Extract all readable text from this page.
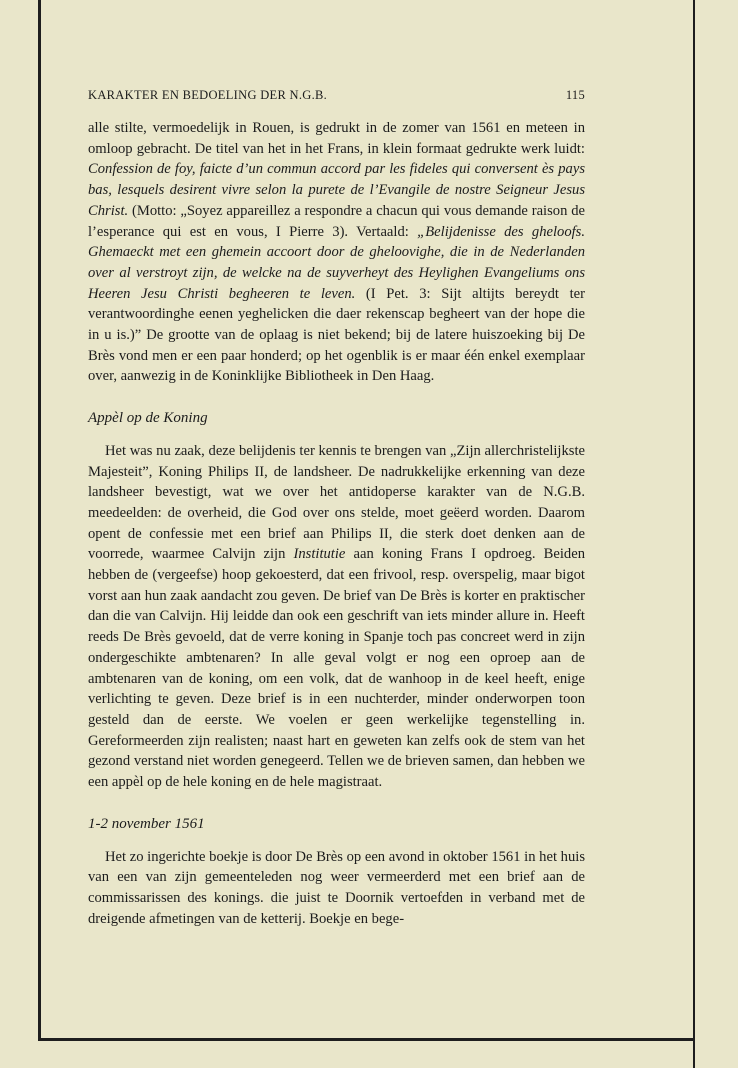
KARAKTER EN BEDOELING DER N.G.B.	115

alle stilte, vermoedelijk in Rouen, is gedrukt in de zomer van 1561 en meteen in omloop gebracht. De titel van het in het Frans, in klein formaat gedrukte werk luidt: Confession de foy, faicte d’un commun accord par les fideles qui conversent ès pays bas, lesquels desirent vivre selon la purete de l’Evangile de nostre Seigneur Jesus Christ. (Motto: „Soyez appareillez a respondre a chacun qui vous demande raison de l’esperance qui est en vous, I Pierre 3). Vertaald: „Belijdenisse des gheloofs. Ghemaeckt met een ghemein accoort door de gheloovighe, die in de Nederlanden over al verstroyt zijn, de welcke na de suyverheyt des Heylighen Evangeliums ons Heeren Jesu Christi begheeren te leven. (I Pet. 3: Sijt altijts bereydt ter verantwoordinghe eenen yeghelicken die daer rekenscap begheert van der hope die in u is.)” De grootte van de oplaag is niet bekend; bij de latere huiszoeking bij De Brès vond men er een paar honderd; op het ogenblik is er maar één enkel exemplaar over, aanwezig in de Koninklijke Bibliotheek in Den Haag.

Appèl op de Koning

Het was nu zaak, deze belijdenis ter kennis te brengen van „Zijn allerchristelijkste Majesteit”, Koning Philips II, de landsheer. De nadrukkelijke erkenning van deze landsheer bevestigt, wat we over het antidoperse karakter van de N.G.B. meedeelden: de overheid, die God over ons stelde, moet geëerd worden. Daarom opent de confessie met een brief aan Philips II, die sterk doet denken aan de voorrede, waarmee Calvijn zijn Institutie aan koning Frans I opdroeg. Beiden hebben de (vergeefse) hoop gekoesterd, dat een frivool, resp. overspelig, maar bigot vorst aan hun zaak aandacht zou geven. De brief van De Brès is korter en praktischer dan die van Calvijn. Hij leidde dan ook een geschrift van iets minder allure in. Heeft reeds De Brès gevoeld, dat de verre koning in Spanje toch pas concreet werd in zijn ondergeschikte ambtenaren? In alle geval volgt er nog een oproep aan de ambtenaren van de koning, om een volk, dat de wanhoop in de keel heeft, enige verlichting te geven. Deze brief is in een nuchterder, minder onderworpen toon gesteld dan de eerste. We voelen er geen werkelijke tegenstelling in. Gereformeerden zijn realisten; naast hart en geweten kan zelfs ook de stem van het gezond verstand niet worden genegeerd. Tellen we de brieven samen, dan hebben we een appèl op de hele koning en de hele magistraat.

1-2 november 1561

Het zo ingerichte boekje is door De Brès op een avond in oktober 1561 in het huis van een van zijn gemeenteleden nog weer vermeerderd met een brief aan de commissarissen des konings. die juist te Doornik vertoefden in verband met de dreigende afmetingen van de ketterij. Boekje en bege-
